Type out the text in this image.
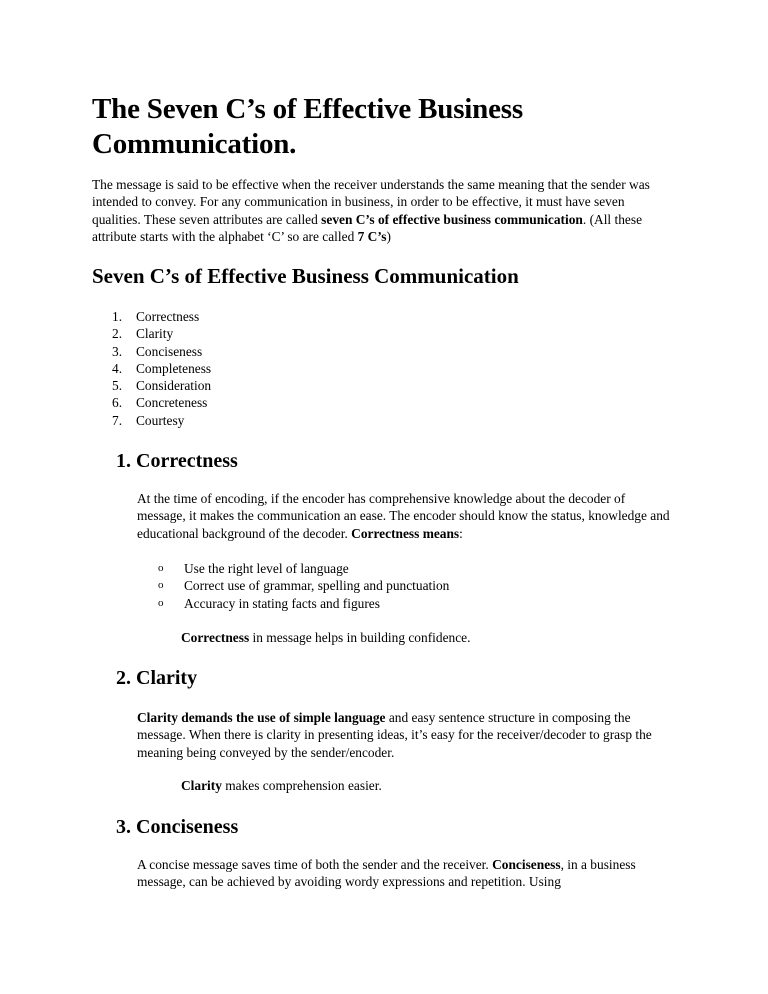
The Seven C’s of Effective Business Communication.

The message is said to be effective when the receiver understands the same meaning that the sender was intended to convey. For any communication in business, in order to be effective, it must have seven qualities. These seven attributes are called seven C’s of effective business communication. (All these attribute starts with the alphabet ‘C’ so are called 7 C’s)

Seven C’s of Effective Business Communication
1.	Correctness
2.	Clarity
3.	Conciseness
4.	Completeness
5.	Consideration
6.	Concreteness
7.	Courtesy
1. Correctness

At the time of encoding, if the encoder has comprehensive knowledge about the decoder of message, it makes the communication an ease. The encoder should know the status, knowledge and educational background of the decoder. Correctness means:

o	Use the right level of language
o	Correct use of grammar, spelling and punctuation
o	Accuracy in stating facts and figures

Correctness in message helps in building confidence.

2. Clarity

Clarity demands the use of simple language and easy sentence structure in composing the message. When there is clarity in presenting ideas, it’s easy for the receiver/decoder to grasp the meaning being conveyed by the sender/encoder.

Clarity makes comprehension easier.

3. Conciseness

A concise message saves time of both the sender and the receiver. Conciseness, in a business message, can be achieved by avoiding wordy expressions and repetition. Using
